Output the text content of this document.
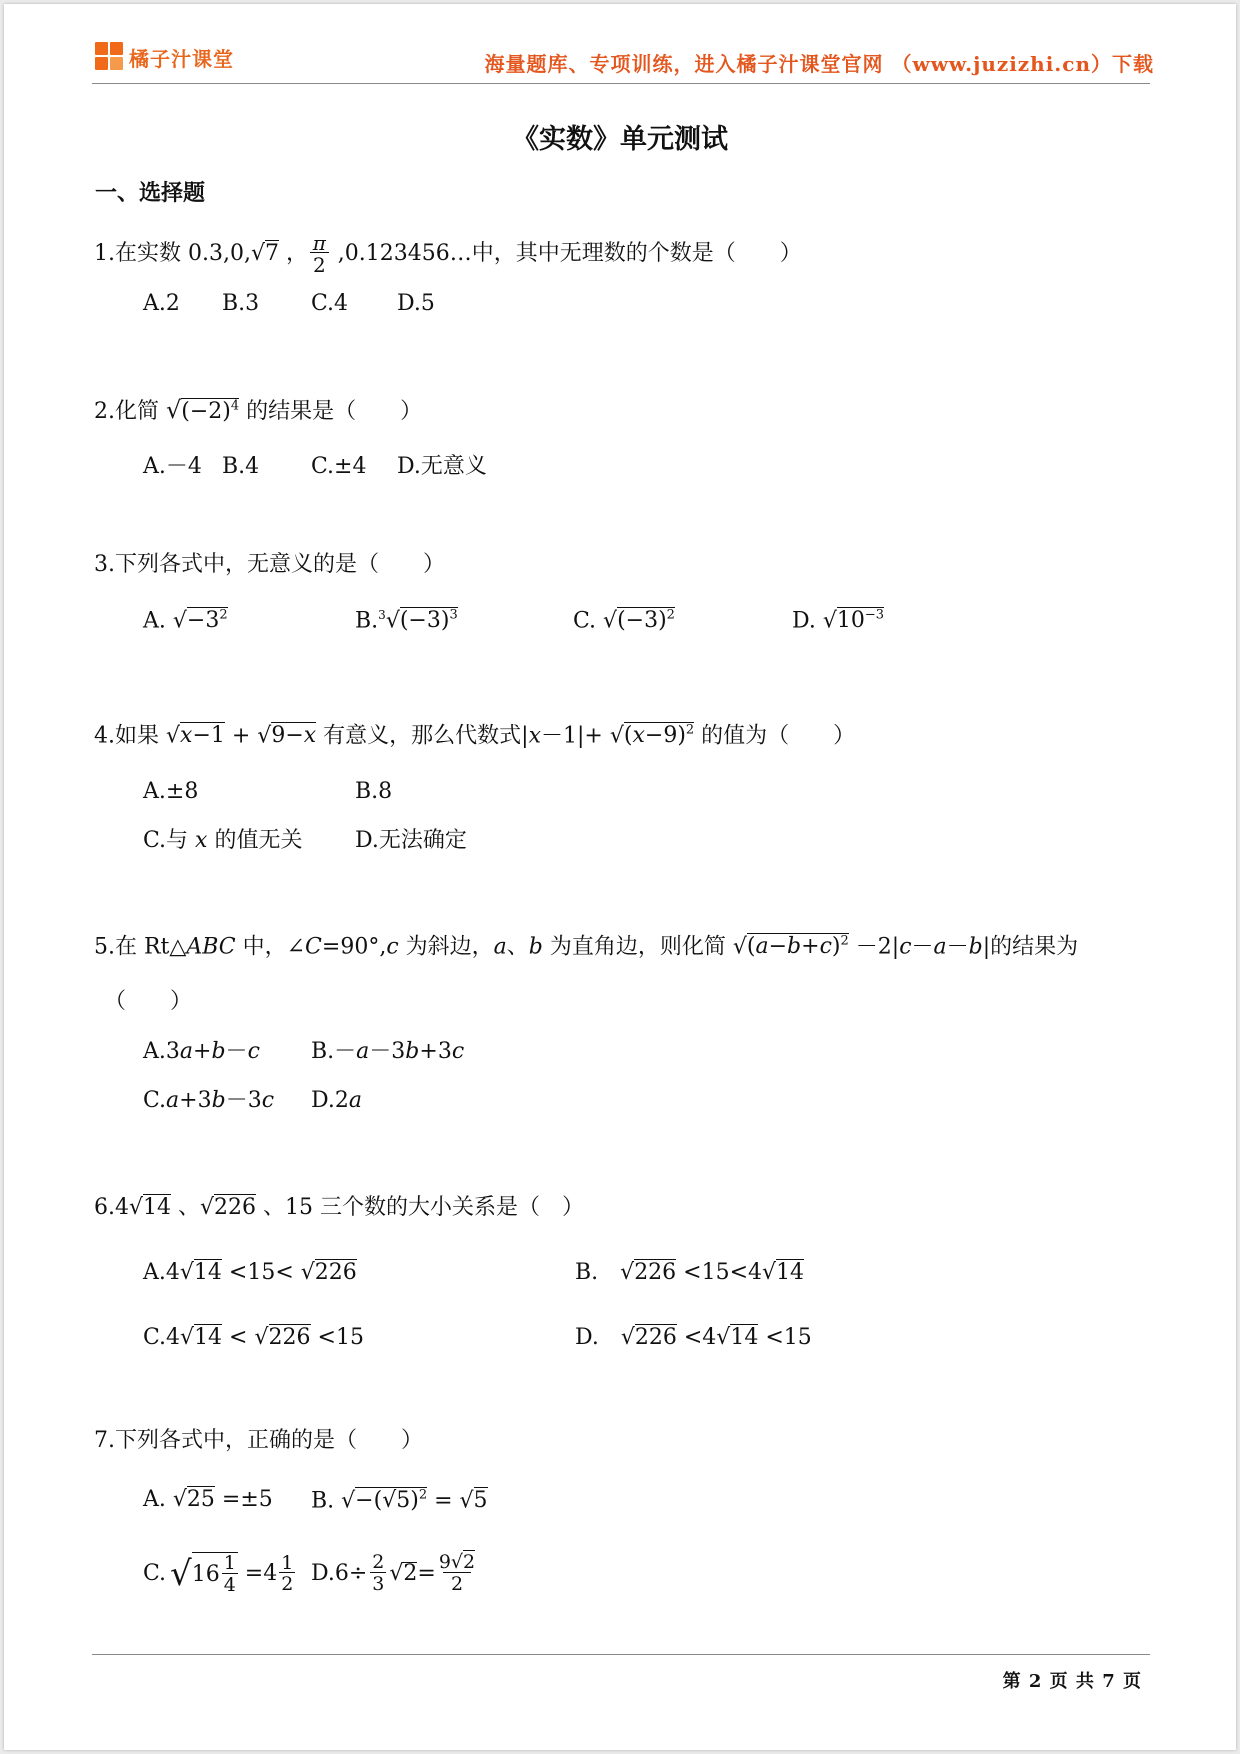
橘子汁课堂	海量题库、专项训练，进入橘子汁课堂官网 （www.juzizhi.cn）下载
《实数》单元测试
一、选择题
1.在实数 0.3,0,√7 ， $\frac{\pi}{2}$ ,0.123456…中，其中无理数的个数是（　　）
A.2 B.3 C.4 D.5
2.化简 $√(-2)^4$ 的结果是（　　）
A.－4 B.4 C.±4 D.无意义
3.下列各式中，无意义的是（　　）
A. $√-3^2$	$B.^3√(-3)^3$	C. $√(-3)^2$	D. $√10^{-3}$
4.如果 √x−1 + √9−x 有意义，那么代数式$|x-1|+ √(x-9)^2$ 的值为（　　）
A.±8	B.8
C.与 x 的值无关 D.无法确定
5.在 Rt△ABC 中，∠C=90°,c 为斜边，a、b 为直角边，则化简 $√(a-b+c)^2 -2|c-a-b|$的结果为
（　　）
A.3a+b－c B.－a－3b+3c
C.a+3b－3c D.2a
6.4√14 、√226 、15 三个数的大小关系是（　）
A.4√14 <15< √226	B.　√226 <15<4√14
C.4√14 < √226 <15	D.　√226 <4√14 <15
7.下列各式中，正确的是（　　）
A. √25 =±5 B. $√-(√5)^2 = √5$
C. √ 16 1
4 =4 1
2 D.6÷ 2
3 √ 2 = 9√2
2
第 2 页 共 7 页
